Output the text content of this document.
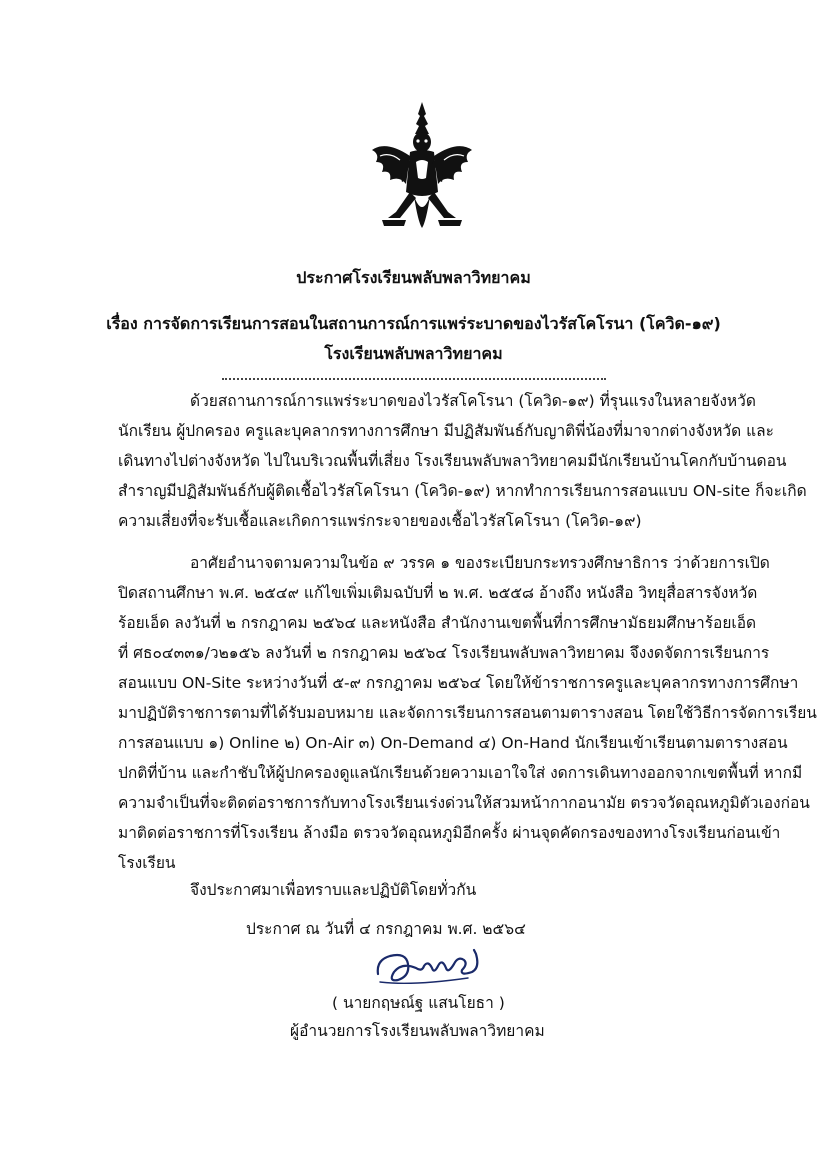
ประกาศโรงเรียนพลับพลาวิทยาคม
เรื่อง การจัดการเรียนการสอนในสถานการณ์การแพร่ระบาดของไวรัสโคโรนา (โควิด-๑๙)
โรงเรียนพลับพลาวิทยาคม
ด้วยสถานการณ์การแพร่ระบาดของไวรัสโคโรนา (โควิด-๑๙) ที่รุนแรงในหลายจังหวัด
นักเรียน ผู้ปกครอง ครูและบุคลากรทางการศึกษา มีปฏิสัมพันธ์กับญาติพี่น้องที่มาจากต่างจังหวัด และ
เดินทางไปต่างจังหวัด ไปในบริเวณพื้นที่เสี่ยง โรงเรียนพลับพลาวิทยาคมมีนักเรียนบ้านโคกกับบ้านดอน
สำราญมีปฏิสัมพันธ์กับผู้ติดเชื้อไวรัสโคโรนา (โควิด-๑๙) หากทำการเรียนการสอนแบบ ON-site ก็จะเกิด
ความเสี่ยงที่จะรับเชื้อและเกิดการแพร่กระจายของเชื้อไวรัสโคโรนา (โควิด-๑๙)
อาศัยอำนาจตามความในข้อ ๙ วรรค ๑ ของระเบียบกระทรวงศึกษาธิการ ว่าด้วยการเปิด
ปิดสถานศึกษา พ.ศ. ๒๕๔๙ แก้ไขเพิ่มเติมฉบับที่ ๒ พ.ศ. ๒๕๕๘ อ้างถึง หนังสือ วิทยุสื่อสารจังหวัด
ร้อยเอ็ด ลงวันที่ ๒ กรกฎาคม ๒๕๖๔ และหนังสือ สำนักงานเขตพื้นที่การศึกษามัธยมศึกษาร้อยเอ็ด
ที่ ศธ๐๔๓๓๑/ว๒๑๕๖ ลงวันที่ ๒ กรกฎาคม ๒๕๖๔ โรงเรียนพลับพลาวิทยาคม จึงงดจัดการเรียนการ
สอนแบบ ON-Site ระหว่างวันที่ ๕-๙ กรกฎาคม ๒๕๖๔ โดยให้ข้าราชการครูและบุคลากรทางการศึกษา
มาปฏิบัติราชการตามที่ได้รับมอบหมาย และจัดการเรียนการสอนตามตารางสอน โดยใช้วิธีการจัดการเรียน
การสอนแบบ ๑) Online ๒) On-Air ๓) On-Demand ๔) On-Hand นักเรียนเข้าเรียนตามตารางสอน
ปกติที่บ้าน และกำชับให้ผู้ปกครองดูแลนักเรียนด้วยความเอาใจใส่ งดการเดินทางออกจากเขตพื้นที่ หากมี
ความจำเป็นที่จะติดต่อราชการกับทางโรงเรียนเร่งด่วนให้สวมหน้ากากอนามัย ตรวจวัดอุณหภูมิตัวเองก่อน
มาติดต่อราชการที่โรงเรียน ล้างมือ ตรวจวัดอุณหภูมิอีกครั้ง ผ่านจุดคัดกรองของทางโรงเรียนก่อนเข้า
โรงเรียน
จึงประกาศมาเพื่อทราบและปฏิบัติโดยทั่วกัน
ประกาศ ณ วันที่ ๔ กรกฎาคม พ.ศ. ๒๕๖๔
( นายกฤษณ์ฐ แสนโยธา )
ผู้อำนวยการโรงเรียนพลับพลาวิทยาคม
